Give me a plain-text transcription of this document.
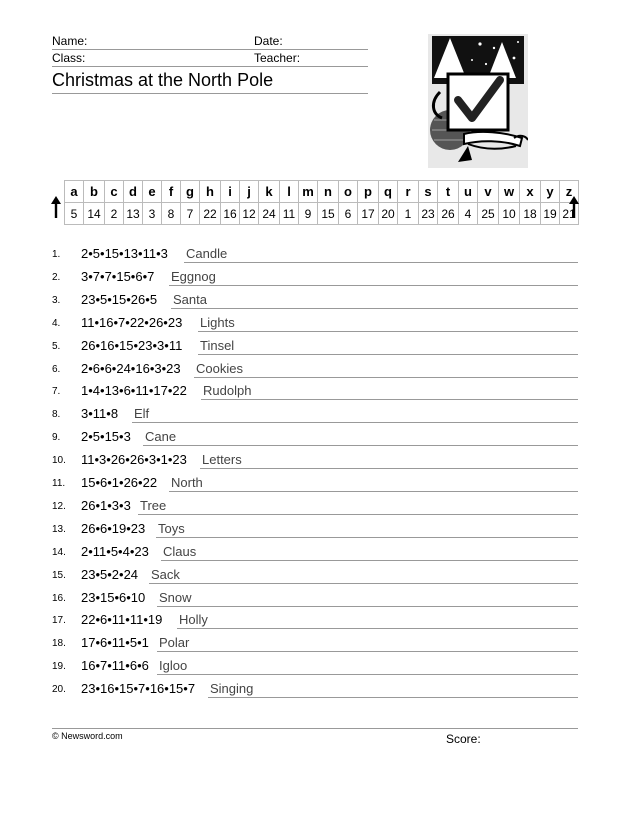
Name:	Date:
Class:	Teacher:
Christmas at the North Pole
a	b	c	d	e	f	g	h	i	j	k	l	m	n	o	p	q	r	s	t	u	v	w	x	y	z
5	14	2	13	3	8	7	22	16	12	24	11	9	15	6	17	20	1	23	26	4	25	10	18	19	21
1. 2•5•15•13•11•3 Candle
2. 3•7•7•15•6•7 Eggnog
3. 23•5•15•26•5 Santa
4. 11•16•7•22•26•23 Lights
5. 26•16•15•23•3•11 Tinsel
6. 2•6•6•24•16•3•23 Cookies
7. 1•4•13•6•11•17•22 Rudolph
8. 3•11•8 Elf
9. 2•5•15•3 Cane
10. 11•3•26•26•3•1•23 Letters
11. 15•6•1•26•22 North
12. 26•1•3•3 Tree
13. 26•6•19•23 Toys
14. 2•11•5•4•23 Claus
15. 23•5•2•24 Sack
16. 23•15•6•10 Snow
17. 22•6•11•11•19 Holly
18. 17•6•11•5•1 Polar
19. 16•7•11•6•6 Igloo
20. 23•16•15•7•16•15•7 Singing
© Newsword.com	Score:
